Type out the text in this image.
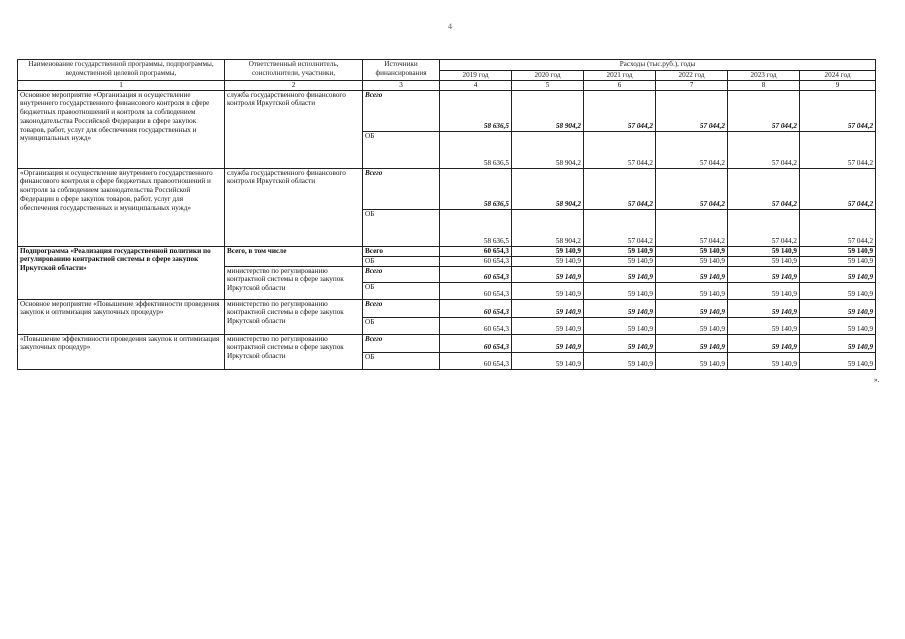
4
Наименование государственной программы, подпрограммы, ведомственной целевой программы,	Ответственный исполнитель, соисполнители, участники,	Источники финансирования	Расходы (тыс.руб.), годы					
			2019 год	2020 год	2021 год	2022 год	2023 год	2024 год
1	2	3	4	5	6	7	8	9
Основное мероприятие «Организация и осуществление внутреннего государственного финансового контроля в сфере бюджетных правоотношений и контроля за соблюдением законодательства Российской Федерации в сфере закупок товаров, работ, услуг для обеспечения государственных и муниципальных нужд»	служба государственного финансового контроля Иркутской области	Всего	58 636,5	58 904,2	57 044,2	57 044,2	57 044,2	57 044,2
		ОБ	58 636,5	58 904,2	57 044,2	57 044,2	57 044,2	57 044,2
«Организация и осуществление внутреннего государственного финансового контроля в сфере бюджетных правоотношений и контроля за соблюдением законодательства Российской Федерации в сфере закупок товаров, работ, услуг для обеспечения государственных и муниципальных нужд»	служба государственного финансового контроля Иркутской области	Всего	58 636,5	58 904,2	57 044,2	57 044,2	57 044,2	57 044,2
		ОБ	58 636,5	58 904,2	57 044,2	57 044,2	57 044,2	57 044,2
Подпрограмма «Реализация государственной политики по регулированию контрактной системы в сфере закупок Иркутской области»	Всего, в том числе	Всего	60 654,3	59 140,9	59 140,9	59 140,9	59 140,9	59 140,9
		ОБ	60 654,3	59 140,9	59 140,9	59 140,9	59 140,9	59 140,9
	министерство по регулированию контрактной системы в сфере закупок Иркутской области	Всего	60 654,3	59 140,9	59 140,9	59 140,9	59 140,9	59 140,9
		ОБ	60 654,3	59 140,9	59 140,9	59 140,9	59 140,9	59 140,9
Основное мероприятие «Повышение эффективности проведения закупок и оптимизация закупочных процедур»	министерство по регулированию контрактной системы в сфере закупок Иркутской области	Всего	60 654,3	59 140,9	59 140,9	59 140,9	59 140,9	59 140,9
		ОБ	60 654,3	59 140,9	59 140,9	59 140,9	59 140,9	59 140,9
«Повышение эффективности проведения закупок и оптимизация закупочных процедур»	министерство по регулированию контрактной системы в сфере закупок Иркутской области	Всего	60 654,3	59 140,9	59 140,9	59 140,9	59 140,9	59 140,9
		ОБ	60 654,3	59 140,9	59 140,9	59 140,9	59 140,9	59 140,9
».
